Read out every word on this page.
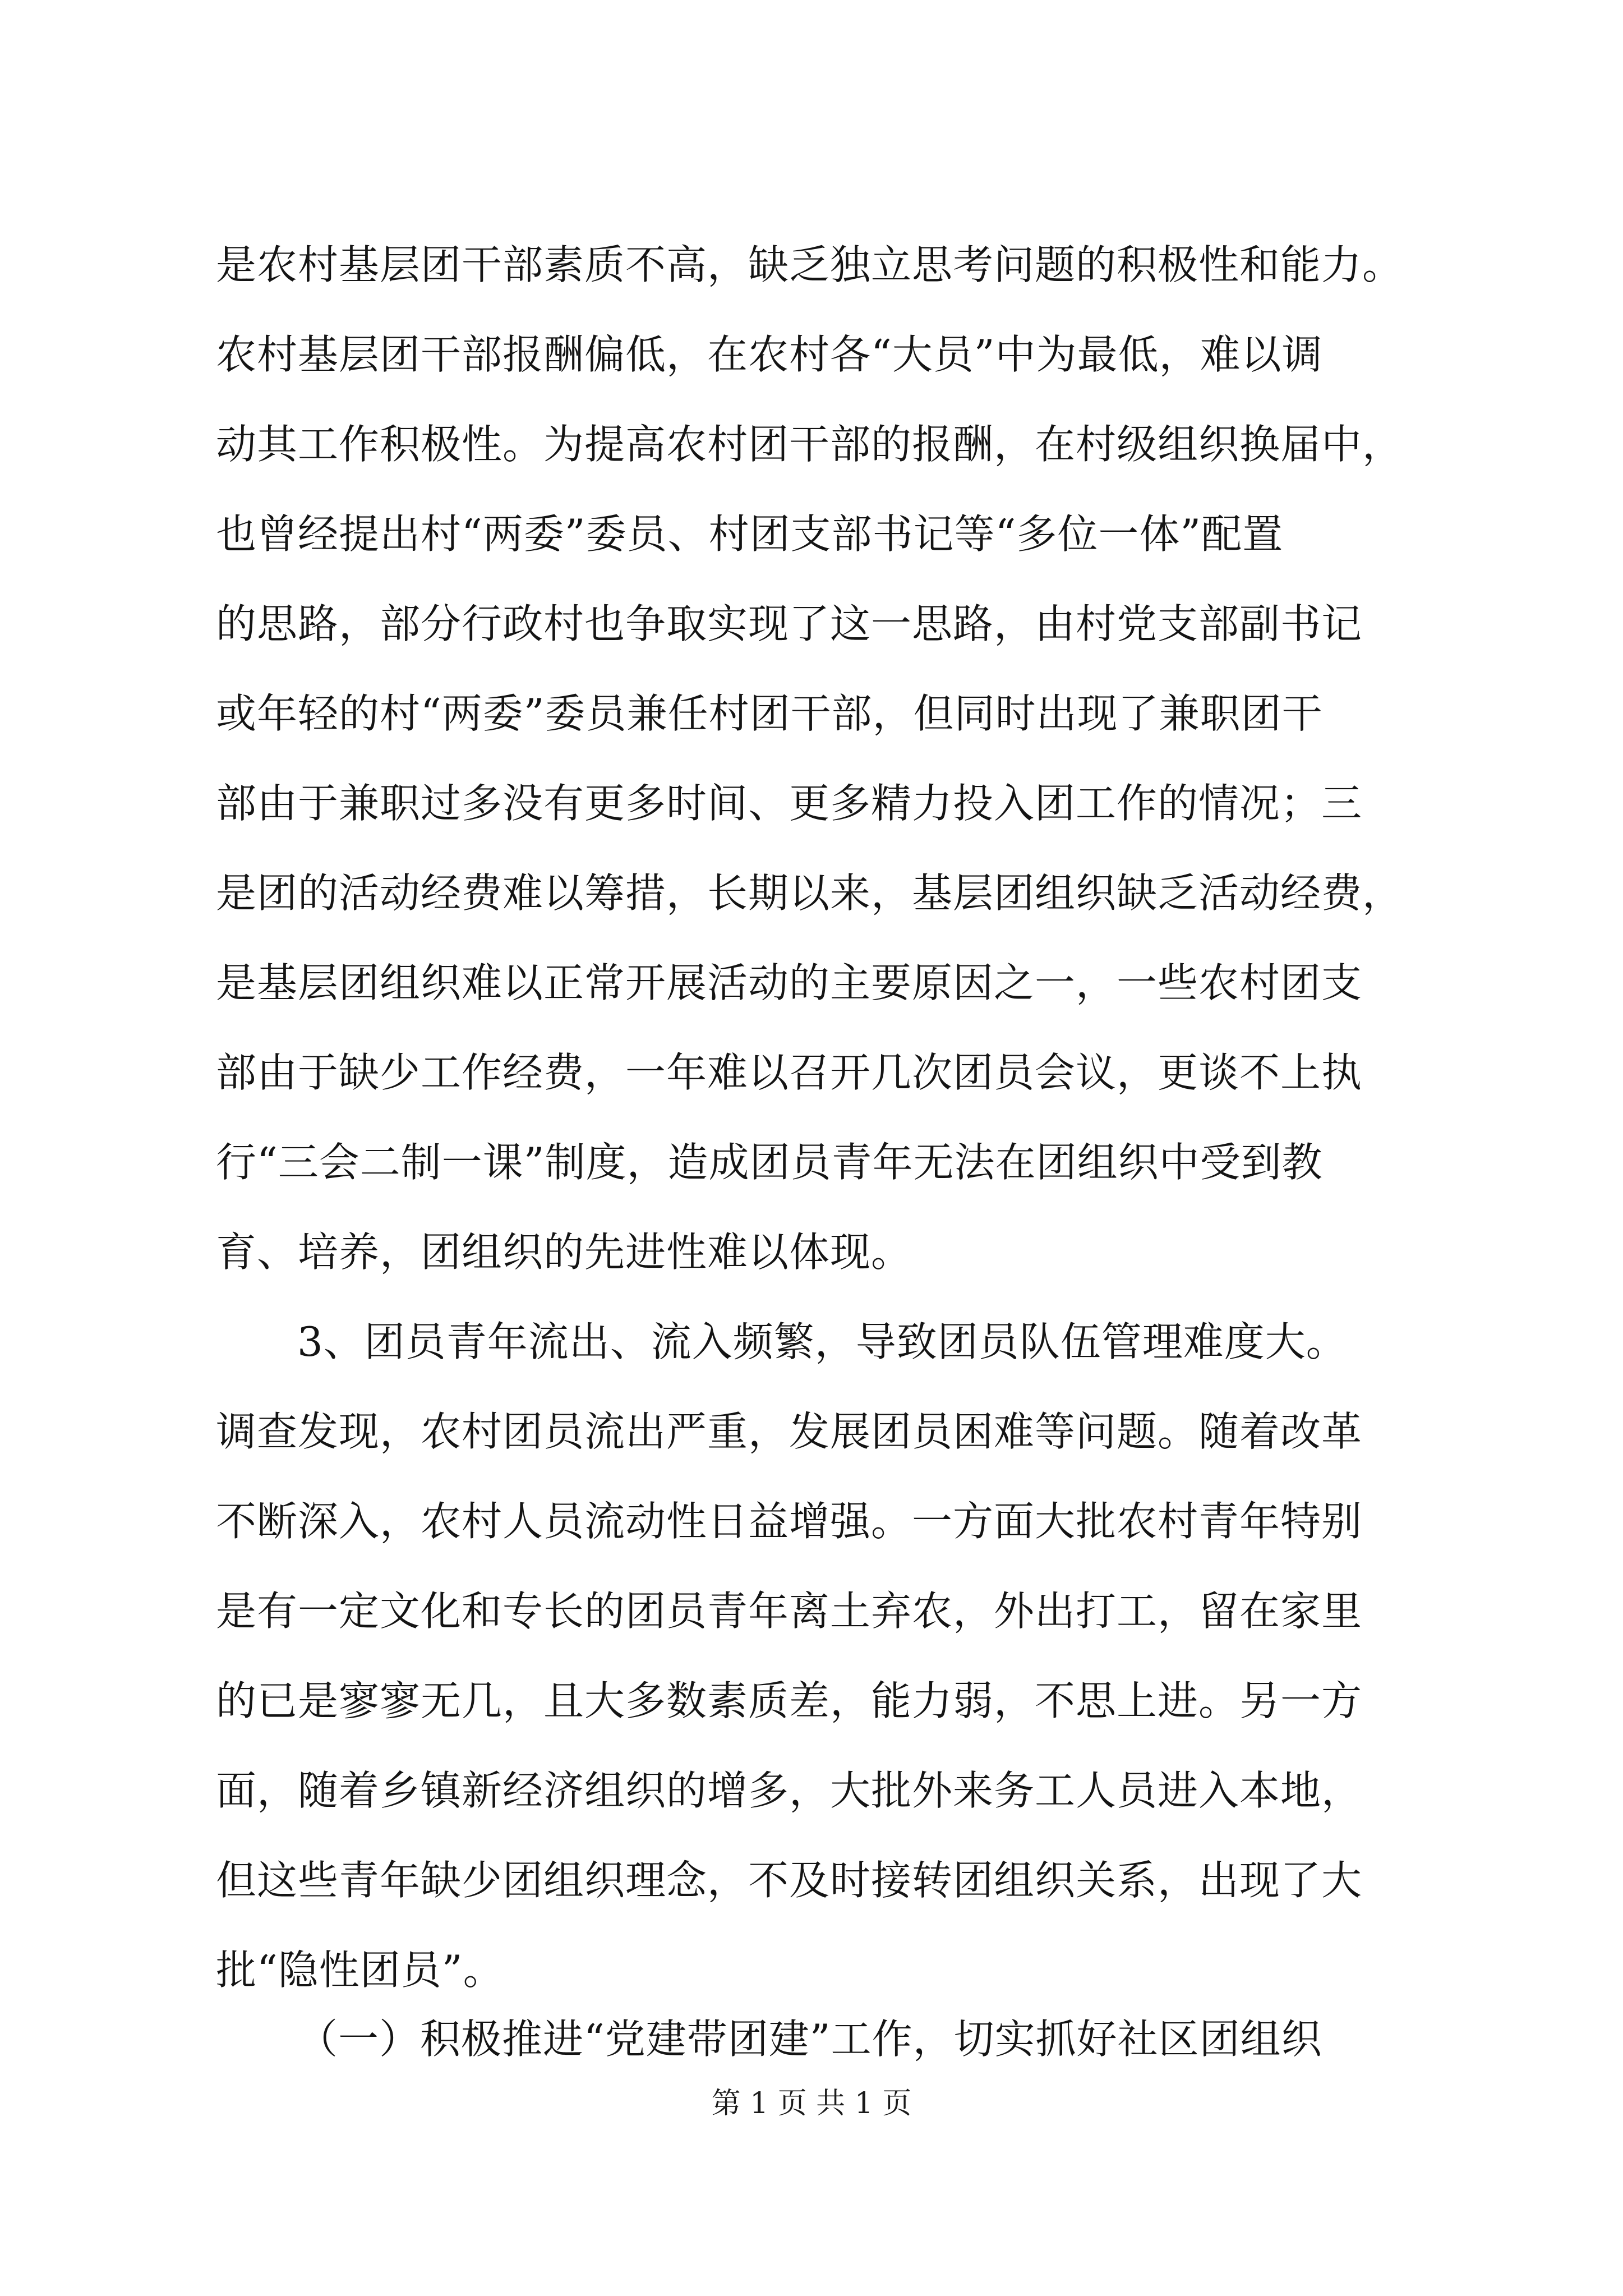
是农村基层团干部素质不高，缺乏独立思考问题的积极性和能力。
农村基层团干部报酬偏低，在农村各“大员”中为最低，难以调
动其工作积极性。为提高农村团干部的报酬，在村级组织换届中，
也曾经提出村“两委”委员、村团支部书记等“多位一体”配置
的思路，部分行政村也争取实现了这一思路，由村党支部副书记
或年轻的村“两委”委员兼任村团干部，但同时出现了兼职团干
部由于兼职过多没有更多时间、更多精力投入团工作的情况；三
是团的活动经费难以筹措，长期以来，基层团组织缺乏活动经费，
是基层团组织难以正常开展活动的主要原因之一，一些农村团支
部由于缺少工作经费，一年难以召开几次团员会议，更谈不上执
行“三会二制一课”制度，造成团员青年无法在团组织中受到教
育、培养，团组织的先进性难以体现。
3、团员青年流出、流入频繁，导致团员队伍管理难度大。
调查发现，农村团员流出严重，发展团员困难等问题。随着改革
不断深入，农村人员流动性日益增强。一方面大批农村青年特别
是有一定文化和专长的团员青年离土弃农，外出打工，留在家里
的已是寥寥无几，且大多数素质差，能力弱，不思上进。另一方
面，随着乡镇新经济组织的增多，大批外来务工人员进入本地，
但这些青年缺少团组织理念，不及时接转团组织关系，出现了大
批“隐性团员”。
（一）积极推进“党建带团建”工作，切实抓好社区团组织
第 1 页 共 1 页
